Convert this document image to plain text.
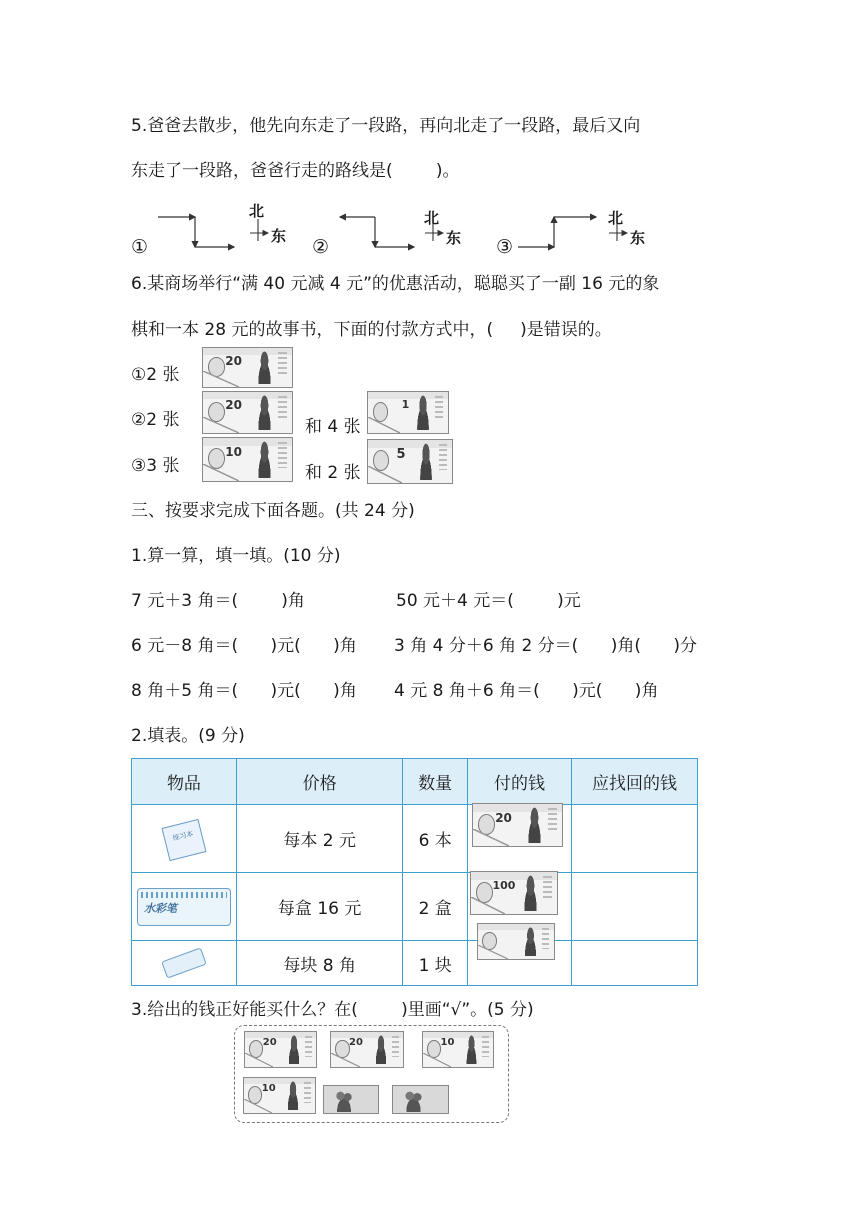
5.爸爸去散步，他先向东走了一段路，再向北走了一段路，最后又向
东走了一段路，爸爸行走的路线是(        )。
①	②	③
北
东
北
东
北
东
6.某商场举行“满 40 元减 4 元”的优惠活动，聪聪买了一副 16 元的象
棋和一本 28 元的故事书，下面的付款方式中，(     )是错误的。
①2 张
20
②2 张
20
和 4 张
1
③3 张
10
和 2 张
5
三、按要求完成下面各题。(共 24 分)
1.算一算，填一填。(10 分)
7 元＋3 角＝(        )角	50 元＋4 元＝(        )元
6 元－8 角＝(      )元(      )角 3 角 4 分＋6 角 2 分＝(      )角(      )分
8 角＋5 角＝(      )元(      )角 4 元 8 角＋6 角＝(      )元(      )角
2.填表。(9 分)
物品	价格	数量	付的钱	应找回的钱

练习本	每本 2 元	6 本	20	

水彩笔	每盒 16 元	2 盒	100	

	每块 8 角	1 块	

3.给出的钱正好能买什么？在(        )里画“√”。(5 分)
20	20	10
10
